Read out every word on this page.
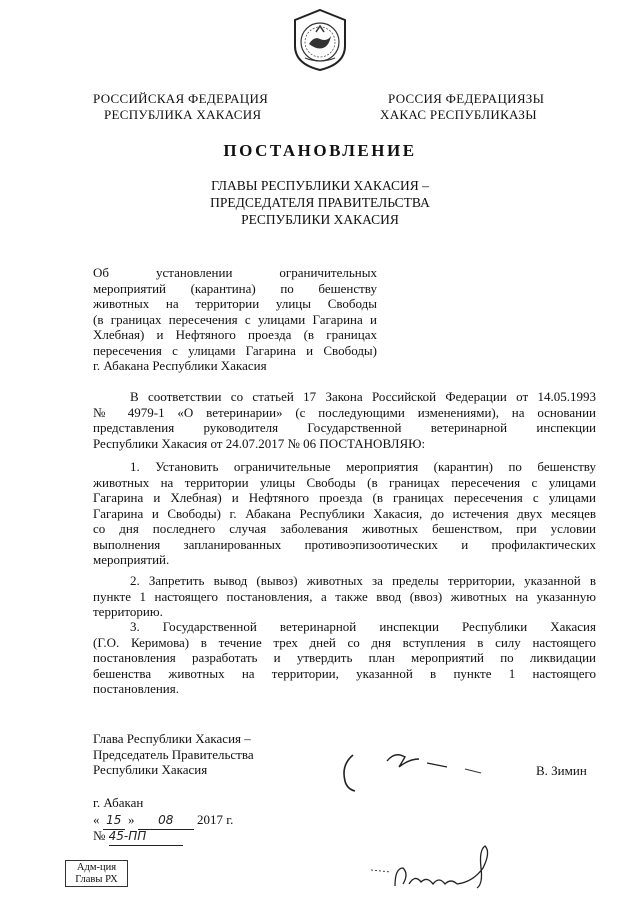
РОССИЙСКАЯ ФЕДЕРАЦИЯ
РЕСПУБЛИКА ХАКАСИЯ
РОССИЯ ФЕДЕРАЦИЯЗЫ
ХАКАС РЕСПУБЛИКАЗЫ
ПОСТАНОВЛЕНИЕ
ГЛАВЫ РЕСПУБЛИКИ ХАКАСИЯ –
ПРЕДСЕДАТЕЛЯ ПРАВИТЕЛЬСТВА
РЕСПУБЛИКИ ХАКАСИЯ
Об установлении ограничительных
мероприятий (карантина) по бешенству
животных на территории улицы Свободы
(в границах пересечения с улицами Гагарина и
Хлебная) и Нефтяного проезда (в границах
пересечения с улицами Гагарина и Свободы)
г. Абакана Республики Хакасия
В соответствии со статьей 17 Закона Российской Федерации от 14.05.1993
№ 4979-1 «О ветеринарии» (с последующими изменениями), на основании
представления руководителя Государственной ветеринарной инспекции
Республики Хакасия от 24.07.2017 № 06 ПОСТАНОВЛЯЮ:
1. Установить ограничительные мероприятия (карантин) по бешенству
животных на территории улицы Свободы (в границах пересечения с улицами
Гагарина и Хлебная) и Нефтяного проезда (в границах пересечения с улицами
Гагарина и Свободы) г. Абакана Республики Хакасия, до истечения двух месяцев
со дня последнего случая заболевания животных бешенством, при условии
выполнения запланированных противоэпизоотических и профилактических
мероприятий.
2. Запретить вывод (вывоз) животных за пределы территории, указанной в
пункте 1 настоящего постановления, а также ввод (ввоз) животных на указанную
территорию.
3. Государственной ветеринарной инспекции Республики Хакасия
(Г.О. Керимова) в течение трех дней со дня вступления в силу настоящего
постановления разработать и утвердить план мероприятий по ликвидации
бешенства животных на территории, указанной в пункте 1 настоящего
постановления.
Глава Республики Хакасия –
Председатель Правительства
Республики Хакасия	В. Зимин
г. Абакан
« 15 » 08 2017 г.
№ 45-ПП
Адм-ция
Главы РХ
